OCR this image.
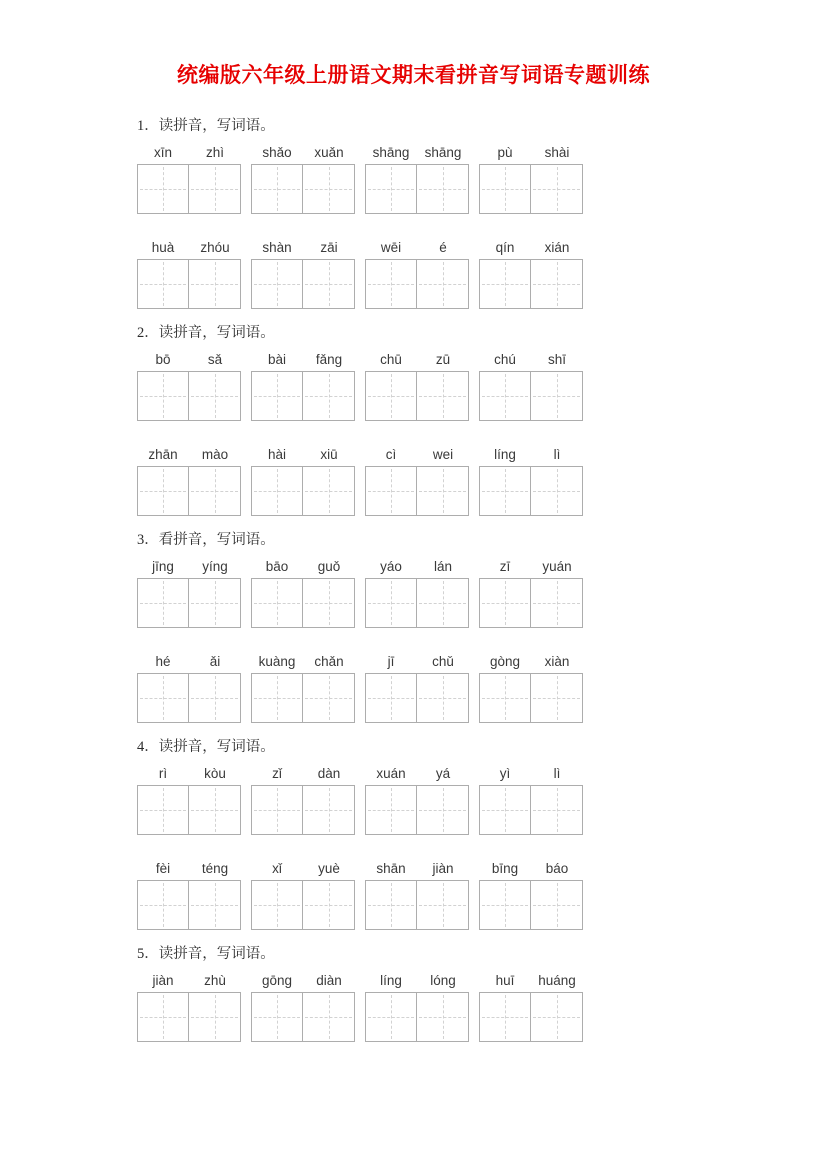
统编版六年级上册语文期末看拼音写词语专题训练

1．读拼音，写词语。

xīn	zhì	shǎo	xuǎn	shāng	shāng	pù	shài
huà	zhóu	shàn	zāi	wēi	é	qín	xián

2．读拼音，写词语。

bō	sǎ	bài	fǎng	chū	zū	chú	shī
zhān	mào	hài	xiū	cì	wei	líng	lì

3．看拼音，写词语。

jīng	yíng	bāo	guǒ	yáo	lán	zī	yuán
hé	ǎi	kuàng	chǎn	jī	chǔ	gòng	xiàn

4．读拼音，写词语。

rì	kòu	zǐ	dàn	xuán	yá	yì	lì
fèi	téng	xǐ	yuè	shān	jiàn	bīng	báo

5．读拼音，写词语。

jiàn	zhù	gōng	diàn	líng	lóng	huī	huáng
